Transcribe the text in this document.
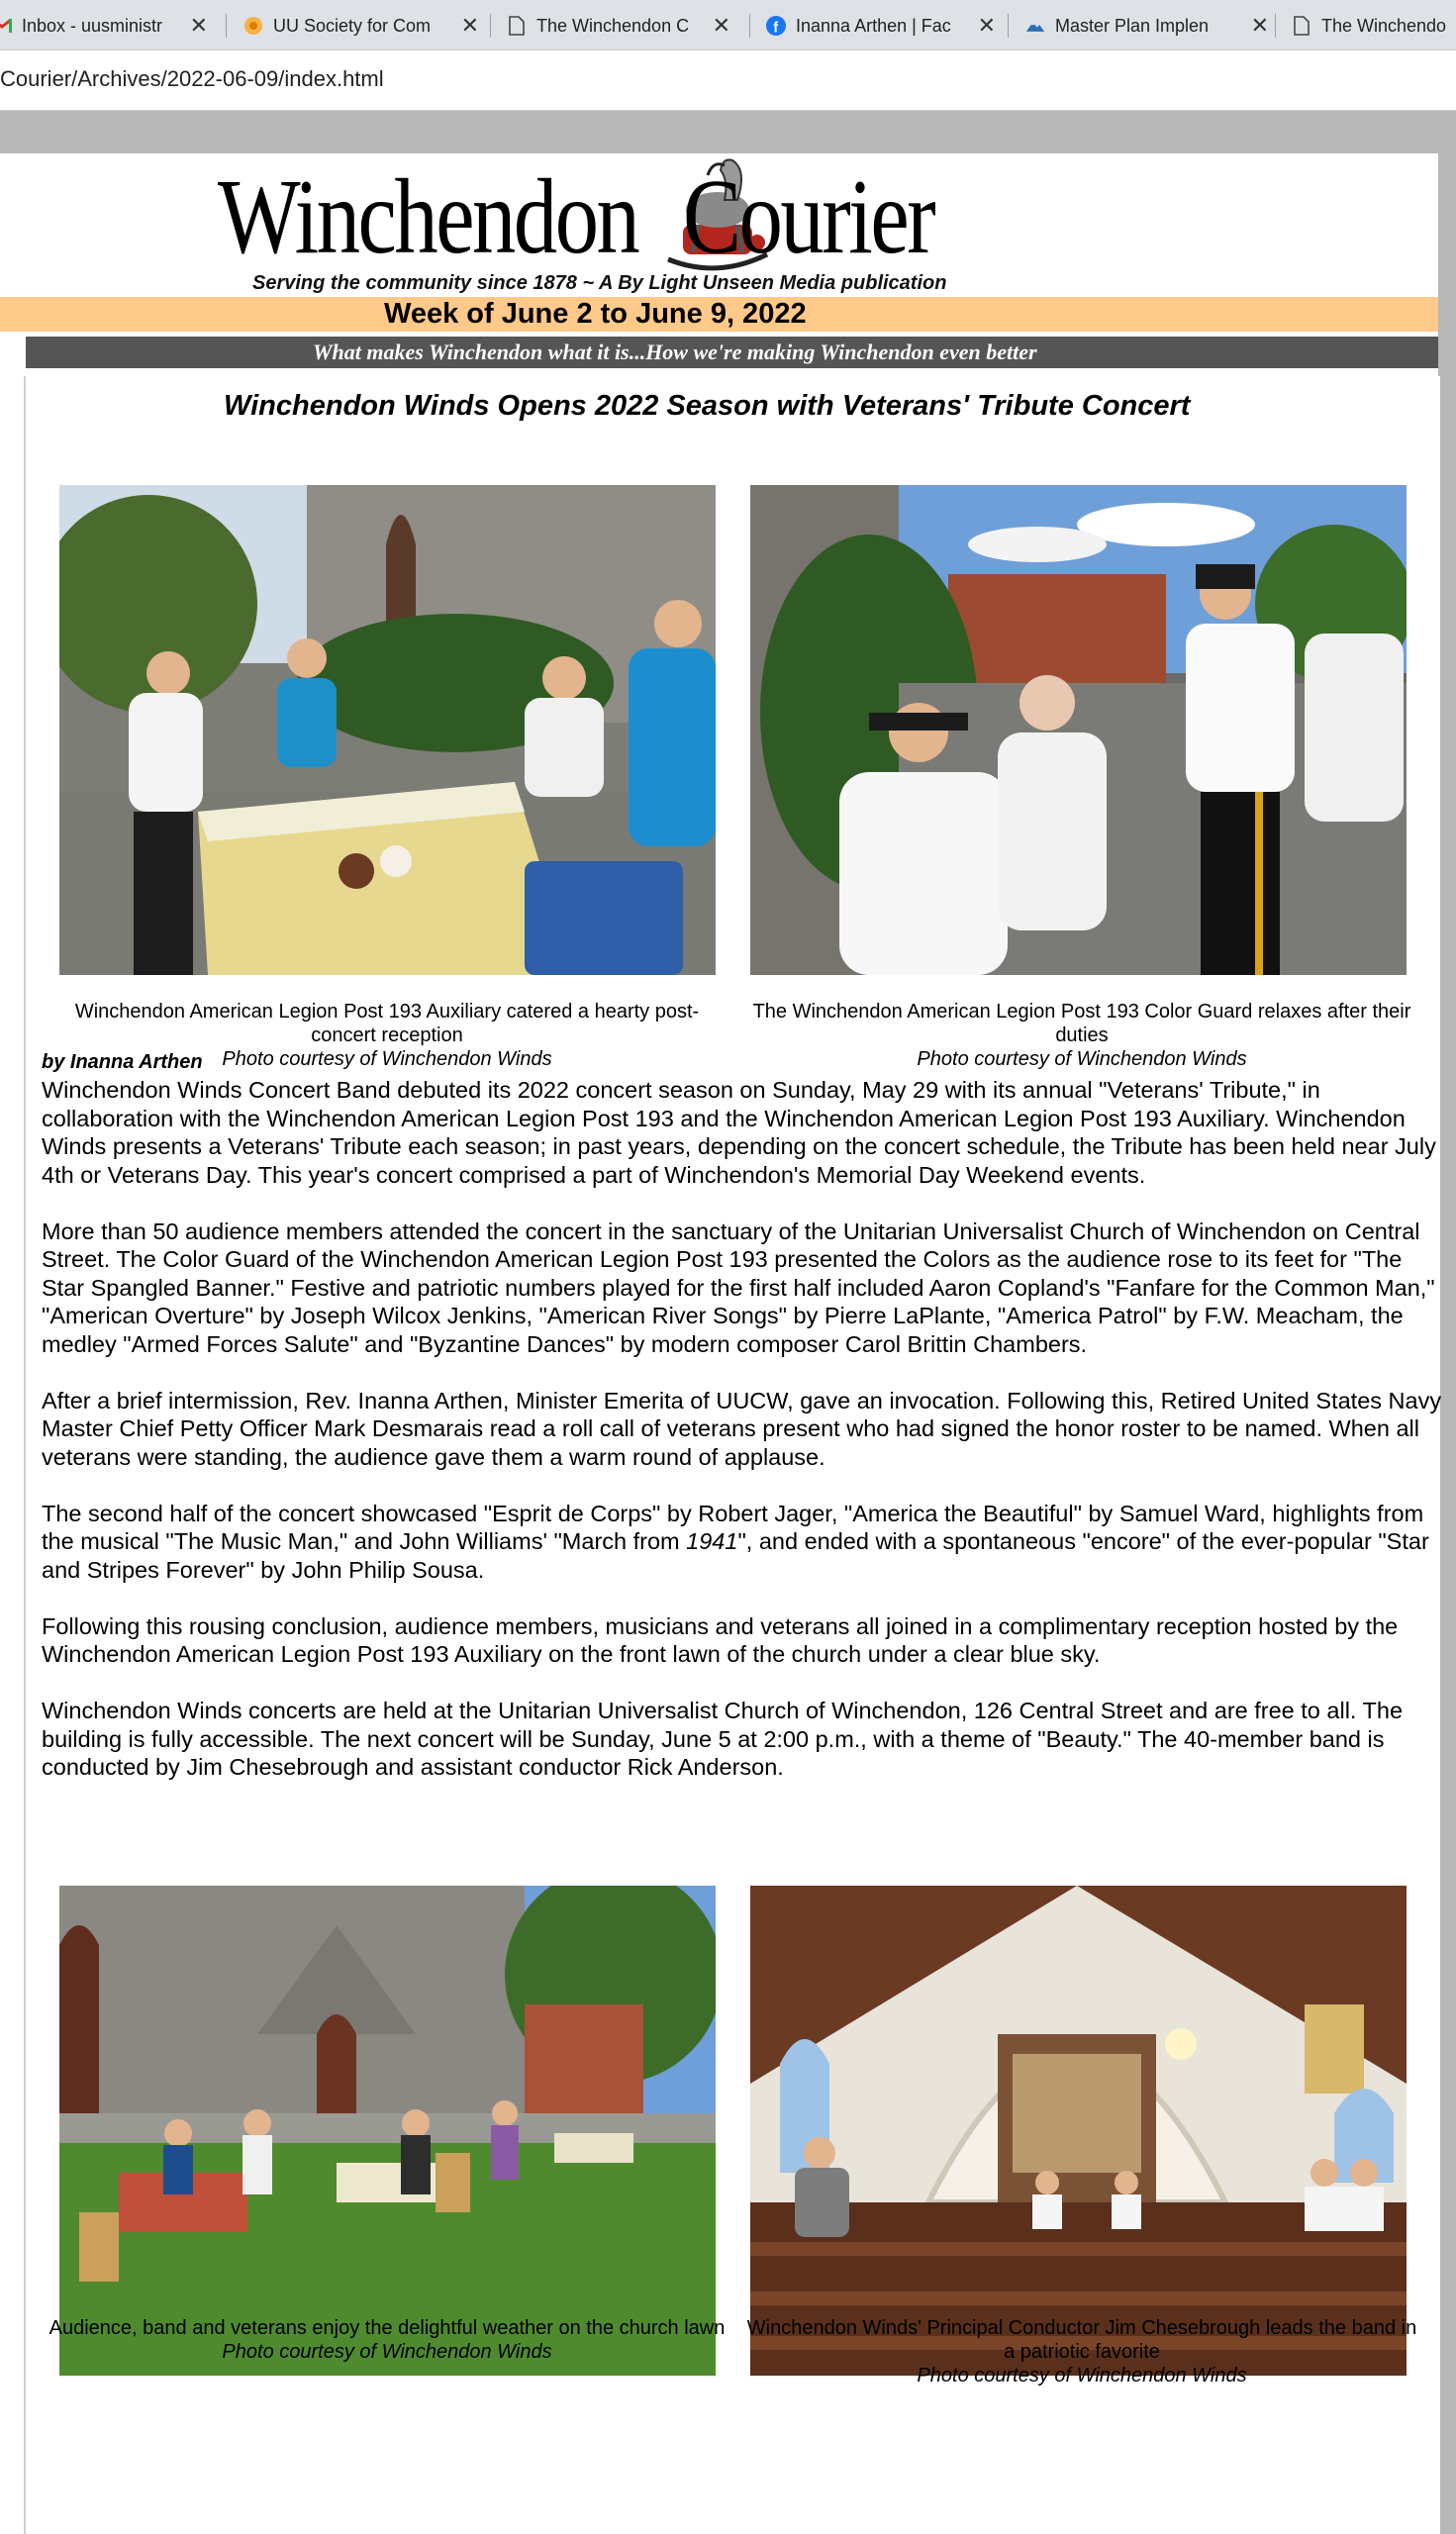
Inbox - uusministr	✕	UU Society for Com ✕	The Winchendon C ✕	f Inanna Arthen | Fac	✕	Master Plan Implen	✕	The Winchendo
Courier/Archives/2022-06-09/index.html
Winchendon Courier
Serving the community since 1878 ~ A By Light Unseen Media publication
Week of June 2 to June 9, 2022
What makes Winchendon what it is...How we're making Winchendon even better
Winchendon Winds Opens 2022 Season with Veterans' Tribute Concert
Winchendon American Legion Post 193 Auxiliary catered a hearty post-concert reception
Photo courtesy of Winchendon Winds
The Winchendon American Legion Post 193 Color Guard relaxes after their duties
Photo courtesy of Winchendon Winds
by Inanna Arthen

Winchendon Winds Concert Band debuted its 2022 concert season on Sunday, May 29 with its annual "Veterans' Tribute," in collaboration with the Winchendon American Legion Post 193 and the Winchendon American Legion Post 193 Auxiliary. Winchendon Winds presents a Veterans' Tribute each season; in past years, depending on the concert schedule, the Tribute has been held near July 4th or Veterans Day. This year's concert comprised a part of Winchendon's Memorial Day Weekend events.

More than 50 audience members attended the concert in the sanctuary of the Unitarian Universalist Church of Winchendon on Central Street. The Color Guard of the Winchendon American Legion Post 193 presented the Colors as the audience rose to its feet for "The Star Spangled Banner." Festive and patriotic numbers played for the first half included Aaron Copland's "Fanfare for the Common Man," "American Overture" by Joseph Wilcox Jenkins, "American River Songs" by Pierre LaPlante, "America Patrol" by F.W. Meacham, the medley "Armed Forces Salute" and "Byzantine Dances" by modern composer Carol Brittin Chambers.

After a brief intermission, Rev. Inanna Arthen, Minister Emerita of UUCW, gave an invocation. Following this, Retired United States Navy Master Chief Petty Officer Mark Desmarais read a roll call of veterans present who had signed the honor roster to be named. When all veterans were standing, the audience gave them a warm round of applause.

The second half of the concert showcased "Esprit de Corps" by Robert Jager, "America the Beautiful" by Samuel Ward, highlights from the musical "The Music Man," and John Williams' "March from 1941", and ended with a spontaneous "encore" of the ever-popular "Star and Stripes Forever" by John Philip Sousa.

Following this rousing conclusion, audience members, musicians and veterans all joined in a complimentary reception hosted by the Winchendon American Legion Post 193 Auxiliary on the front lawn of the church under a clear blue sky.

Winchendon Winds concerts are held at the Unitarian Universalist Church of Winchendon, 126 Central Street and are free to all. The building is fully accessible. The next concert will be Sunday, June 5 at 2:00 p.m., with a theme of "Beauty." The 40-member band is conducted by Jim Chesebrough and assistant conductor Rick Anderson.

Audience, band and veterans enjoy the delightful weather on the church lawn
Photo courtesy of Winchendon Winds
Winchendon Winds' Principal Conductor Jim Chesebrough leads the band in a patriotic favorite
Photo courtesy of Winchendon Winds
